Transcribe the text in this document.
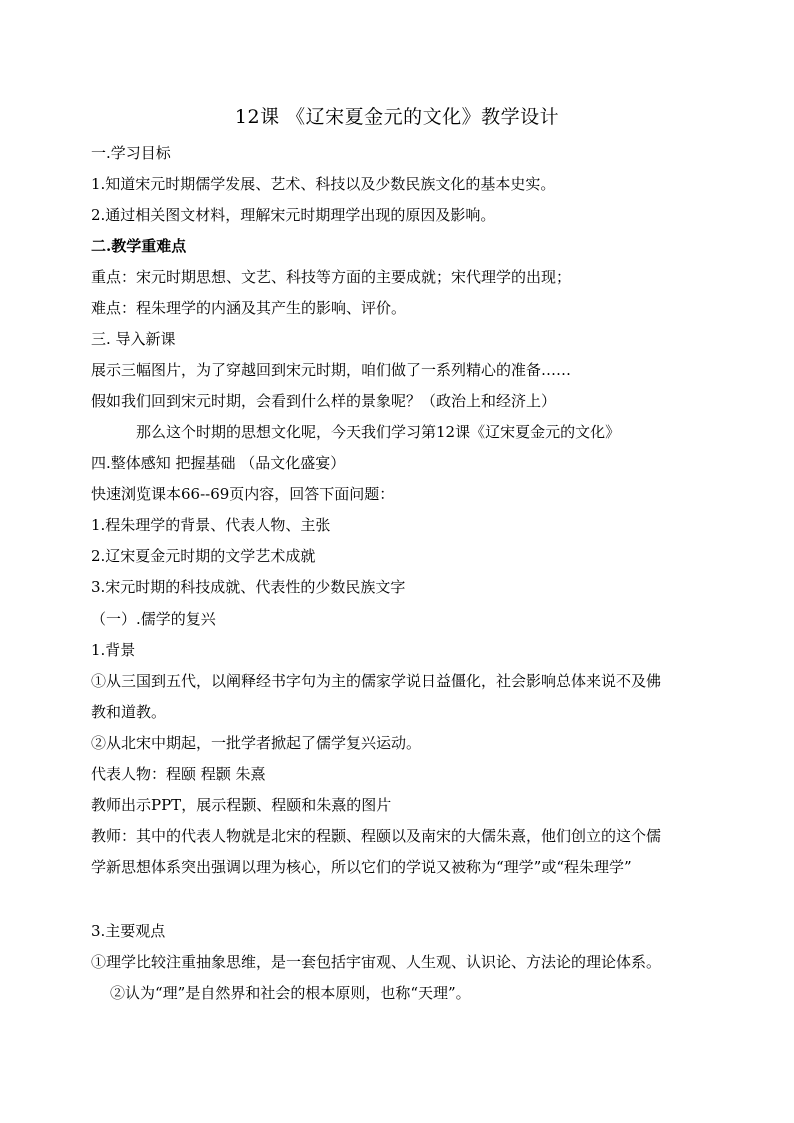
12课 《辽宋夏金元的文化》教学设计
一.学习目标
1.知道宋元时期儒学发展、艺术、科技以及少数民族文化的基本史实。
2.通过相关图文材料，理解宋元时期理学出现的原因及影响。
二.教学重难点
重点：宋元时期思想、文艺、科技等方面的主要成就；宋代理学的出现；
难点：程朱理学的内涵及其产生的影响、评价。
三. 导入新课
展示三幅图片，为了穿越回到宋元时期，咱们做了一系列精心的准备……
假如我们回到宋元时期，会看到什么样的景象呢？（政治上和经济上）
那么这个时期的思想文化呢，今天我们学习第12课《辽宋夏金元的文化》
四.整体感知 把握基础 （品文化盛宴）
快速浏览课本66--69页内容，回答下面问题：
1.程朱理学的背景、代表人物、主张
2.辽宋夏金元时期的文学艺术成就
3.宋元时期的科技成就、代表性的少数民族文字
（一）.儒学的复兴
1.背景
①从三国到五代，以阐释经书字句为主的儒家学说日益僵化，社会影响总体来说不及佛
教和道教。
②从北宋中期起，一批学者掀起了儒学复兴运动。
代表人物：程颐 程颢 朱熹
教师出示PPT，展示程颢、程颐和朱熹的图片
教师：其中的代表人物就是北宋的程颢、程颐以及南宋的大儒朱熹，他们创立的这个儒
学新思想体系突出强调以理为核心，所以它们的学说又被称为“理学”或“程朱理学”
3.主要观点
①理学比较注重抽象思维，是一套包括宇宙观、人生观、认识论、方法论的理论体系。
②认为“理”是自然界和社会的根本原则，也称“天理”。
